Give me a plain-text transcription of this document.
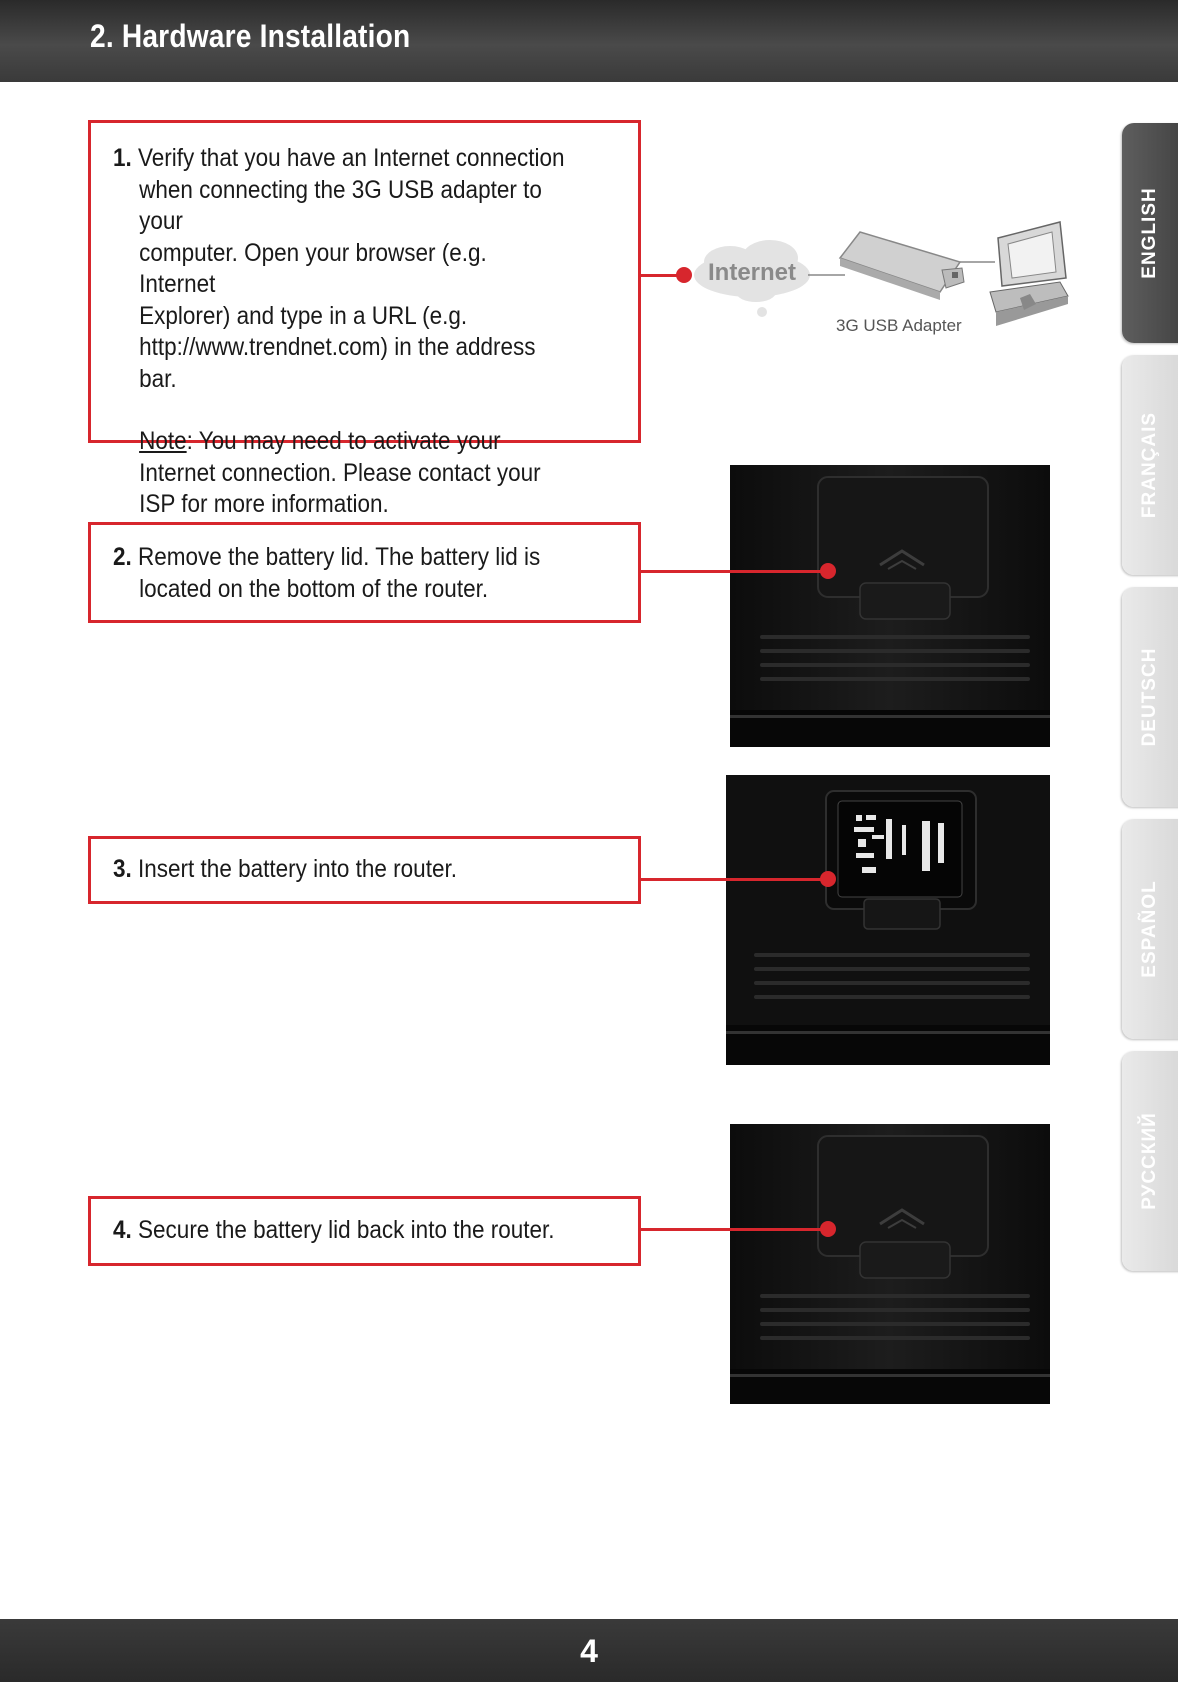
2. Hardware Installation
1. Verify that you have an Internet connection
when connecting the 3G USB adapter to your
computer. Open your browser (e.g. Internet
Explorer) and type in a URL (e.g.
http://www.trendnet.com) in the address bar.
Note: You may need to activate your Internet connection. Please contact your ISP for more information.
Internet
3G USB Adapter
2. Remove the battery lid. The battery lid is located on the bottom of the router.
3. Insert the battery into the router.
4. Secure the battery lid back into the router.
ENGLISH
FRANÇAIS
DEUTSCH
ESPAÑOL
РУССКИЙ
4
